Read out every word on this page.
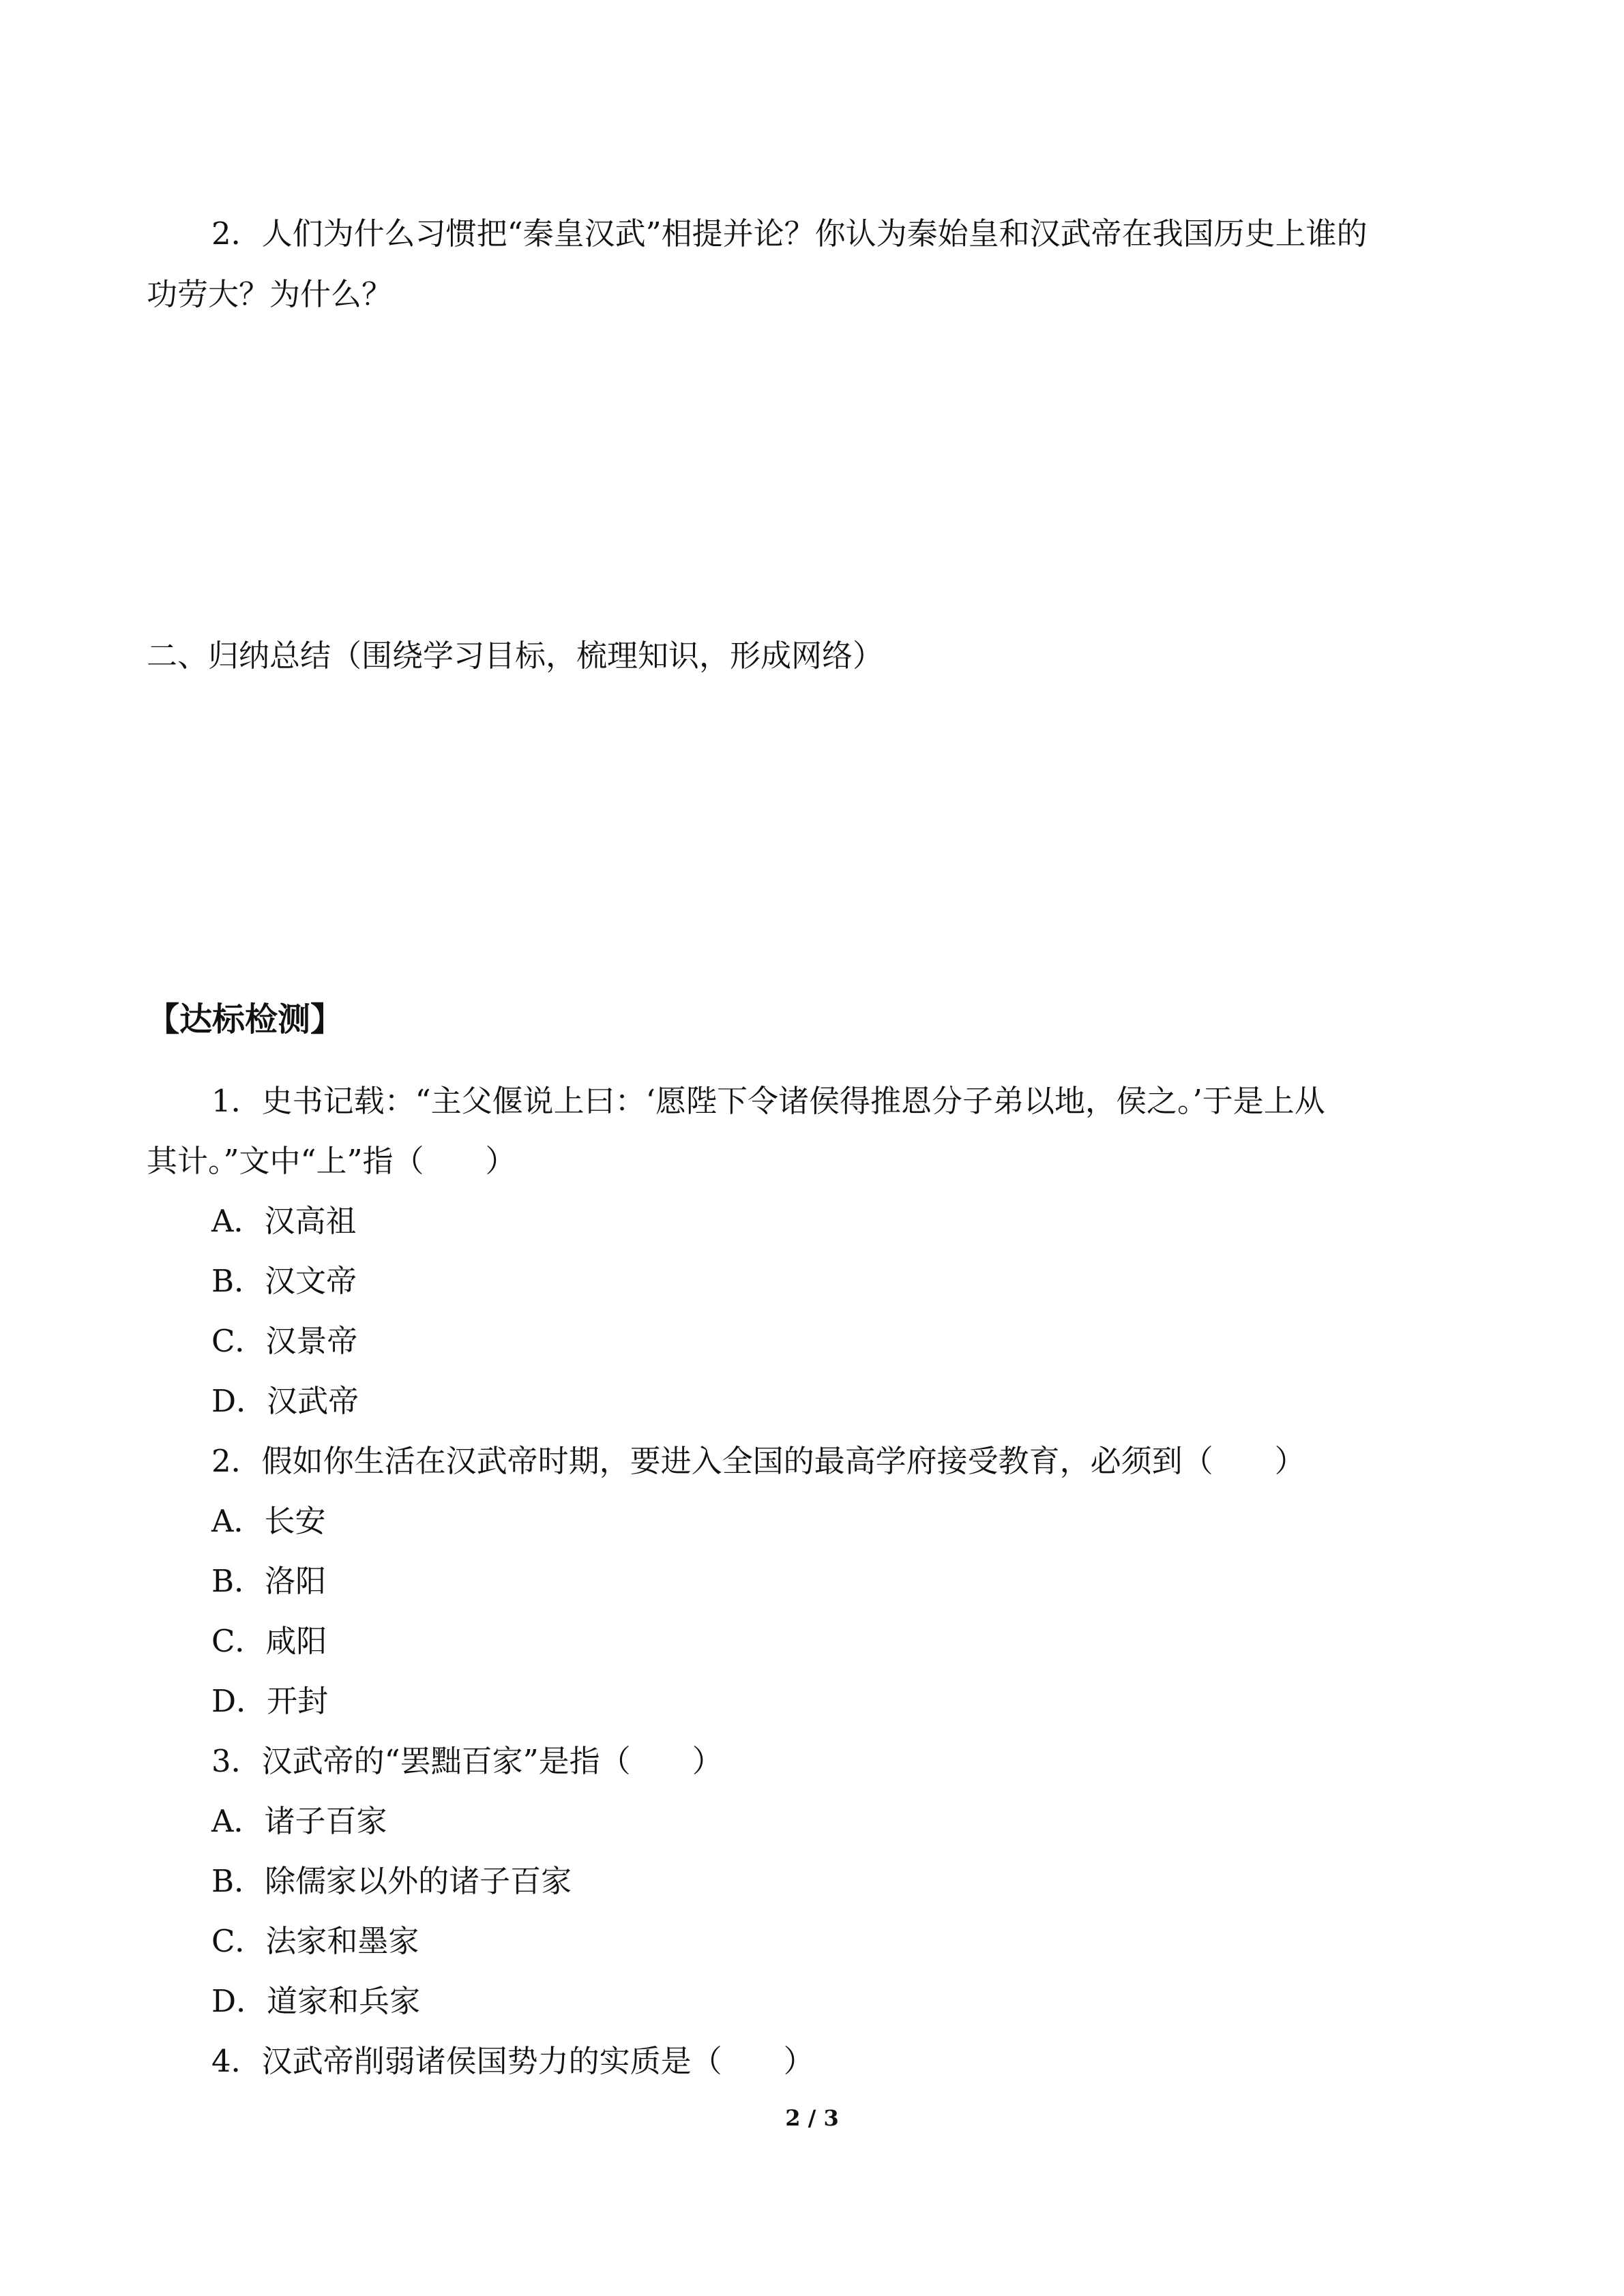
2．人们为什么习惯把“秦皇汉武”相提并论？你认为秦始皇和汉武帝在我国历史上谁的
功劳大？为什么？
二、归纳总结（围绕学习目标，梳理知识，形成网络）
【达标检测】
1．史书记载：“主父偃说上曰：‘愿陛下令诸侯得推恩分子弟以地，侯之。’于是上从
其计。”文中“上”指（　　）
A．汉高祖
B．汉文帝
C．汉景帝
D．汉武帝
2．假如你生活在汉武帝时期，要进入全国的最高学府接受教育，必须到（　　）
A．长安
B．洛阳
C．咸阳
D．开封
3．汉武帝的“罢黜百家”是指（　　）
A．诸子百家
B．除儒家以外的诸子百家
C．法家和墨家
D．道家和兵家
4．汉武帝削弱诸侯国势力的实质是（　　）
2 / 3
